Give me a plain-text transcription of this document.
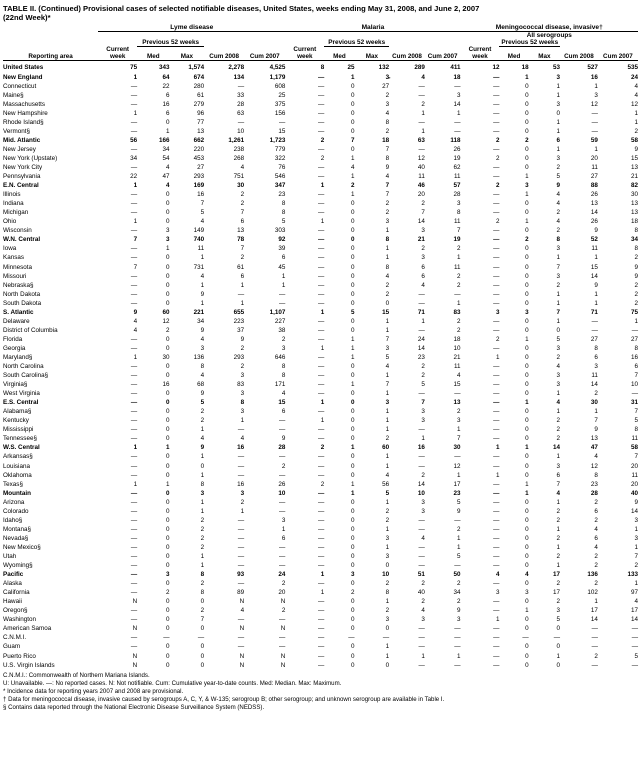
TABLE II. (Continued) Provisional cases of selected notifiable diseases, United States, weeks ending May 31, 2008, and June 2, 2007
(22nd Week)*
	Lyme disease					Malaria					Meningococcal disease, invasive†				
											All serogroups				
		Previous 52 weeks					Previous 52 weeks					Previous 52 weeks			
Reporting area	Current week	Med	Max	Cum 2008	Cum 2007	Current week	Med	Max	Cum 2008	Cum 2007	Current week	Med	Max	Cum 2008	Cum 2007

United States	75	343	1,574	2,278	4,525	8	25	132	289	411	12	18	53	527	535
New England	1	64	674	134	1,179	—	1	3̵̵̵	4	18	—	1	3	16	24
Connecticut	—	22	280	—	608	—	0	27	—	—	—	0	1	1	4
Maine§	—	6	61	33	25	—	0	2	—	3	—	0	1	3	4
Massachusetts	—	16	279	28	375	—	0	3	2	14	—	0	3	12	12
New Hampshire	1	6	96	63	156	—	0	4	1	1	—	0	0	—	1
Rhode Island§	—	0	77	—	—	—	0	8	—	—	—	0	1	—	1
Vermont§	—	1	13	10	15	—	0	2	1	—	—	0	1	—	2
Mid. Atlantic	56	166	662	1,261	1,723	2	7	18	63	118	2	2	6	59	58
New Jersey	—	34	220	238	779	—	0	7	—	26	—	0	1	1	9
New York (Upstate)	34	54	453	268	322	2	1	8	12	19	2	0	3	20	15
New York City	—	4	27	4	76	—	4	9	40	62	—	0	2	11	13
Pennsylvania	22	47	293	751	546	—	1	4	11	11	—	1	5	27	21
E.N. Central	1	4	169	30	347	1	2	7	46	57	2	3	9	88	82
Illinois	—	0	16	2	23	—	1	7	20	28	—	1	4	26	30
Indiana	—	0	7	2	8	—	0	2	2	3	—	0	4	13	13
Michigan	—	0	5	7	8	—	0	2	7	8	—	0	2	14	13
Ohio	1	0	4	6	5	1	0	3	14	11	2	1	4	26	18
Wisconsin	—	3	149	13	303	—	0	1	3	7	—	0	2	9	8
W.N. Central	7	3	740	78	92	—	0	8	21	19	—	2	8	52	34
Iowa	—	1	11	7	39	—	0	1	2	2	—	0	3	11	8
Kansas	—	0	1	2	6	—	0	1	3	1	—	0	1	1	2
Minnesota	7	0	731	61	45	—	0	8	6	11	—	0	7	15	9
Missouri	—	0	4	6	1	—	0	4	6	2	—	0	3	14	9
Nebraska§	—	0	1	1	1	—	0	2	4	2	—	0	2	9	2
North Dakota	—	0	9	—	—	—	0	2	—	—	—	0	1	1	2
South Dakota	—	0	1	1	—	—	0	0	—	1	—	0	1	1	2
S. Atlantic	9	60	221	655	1,107	1	5	15	71	83	3	3	7	71	75
Delaware	4	12	34	223	227	—	0	1	1	2	—	0	1	—	1
District of Columbia	4	2	9	37	38	—	0	1	—	2	—	0	0	—	—
Florida	—	0	4	9	2	—	1	7	24	18	2	1	5	27	27
Georgia	—	0	3	2	3	1	1	3	14	10	—	0	3	8	8
Maryland§	1	30	136	293	646	—	1	5	23	21	1	0	2	6	16
North Carolina	—	0	8	2	8	—	0	4	2	11	—	0	4	3	6
South Carolina§	—	0	4	3	8	—	0	1	2	4	—	0	3	11	7
Virginia§	—	16	68	83	171	—	1	7	5	15	—	0	3	14	10
West Virginia	—	0	9	3	4	—	0	1	—	—	—	0	1	2	—
E.S. Central	—	0	5	8	15	1	0	3	7	13	—	1	4	30	31
Alabama§	—	0	2	3	6	—	0	1	3	2	—	0	1	1	7
Kentucky	—	0	2	1	—	1	0	1	3	3	—	0	2	7	5
Mississippi	—	0	1	—	—	—	0	1	—	1	—	0	2	9	8
Tennessee§	—	0	4	4	9	—	0	2	1	7	—	0	2	13	11
W.S. Central	1	1	9	16	28	2	1	60	16	30	1	1	14	47	58
Arkansas§	—	0	1	—	—	—	0	1	—	—	—	0	1	4	7
Louisiana	—	0	0	—	2	—	0	1	—	12	—	0	3	12	20
Oklahoma	—	0	1	—	—	—	0	4	2	1	1	0	6	8	11
Texas§	1	1	8	16	26	2	1	56	14	17	—	1	7	23	20
Mountain	—	0	3	3	10	—	1	5	10	23	—	1	4	28	40
Arizona	—	0	1	2	—	—	0	1	3	5	—	0	1	2	9
Colorado	—	0	1	1	—	—	0	2	3	9	—	0	2	6	14
Idaho§	—	0	2	—	3	—	0	2	—	—	—	0	2	2	3
Montana§	—	0	2	—	1	—	0	1	—	2	—	0	1	4	1
Nevada§	—	0	2	—	6	—	0	3	4	1	—	0	2	6	3
New Mexico§	—	0	2	—	—	—	0	1	—	1	—	0	1	4	1
Utah	—	0	1	—	—	—	0	3	—	5	—	0	2	2	7
Wyoming§	—	0	1	—	—	—	0	0	—	—	—	0	1	2	2
Pacific	—	3	8	93	24	1	3	10	51	50	4	4	17	136	133
Alaska	—	0	2	—	2	—	0	2	2	2	—	0	2	2	1
California	—	2	8	89	20	1	2	8	40	34	3	3	17	102	97
Hawaii	N	0	0	N	N	—	0	1	2	2	—	0	2	1	4
Oregon§	—	0	2	4	2	—	0	2	4	9	—	1	3	17	17
Washington	—	0	7	—	—	—	0	3	3	3	1	0	5	14	14
American Samoa	N	0	0	N	N	—	0	0	—	—	—	0	0	—	—
C.N.M.I.	—	—	—	—	—	—	—	—	—	—	—	—	—	—	—
Guam	—	0	0	—	—	—	0	1	—	—	—	0	0	—	—
Puerto Rico	N	0	0	N	N	—	0	1	1	1	—	0	1	2	5
U.S. Virgin Islands	N	0	0	N	N	—	0	0	—	—	—	0	0	—	—
C.N.M.I.: Commonwealth of Northern Mariana Islands.
U: Unavailable. —: No reported cases. N: Not notifiable. Cum: Cumulative year-to-date counts. Med: Median. Max: Maximum.
* Incidence data for reporting years 2007 and 2008 are provisional.
† Data for meningococcal disease, invasive caused by serogroups A, C, Y, & W-135; serogroup B; other serogroup; and unknown serogroup are available in Table I.
§ Contains data reported through the National Electronic Disease Surveillance System (NEDSS).
